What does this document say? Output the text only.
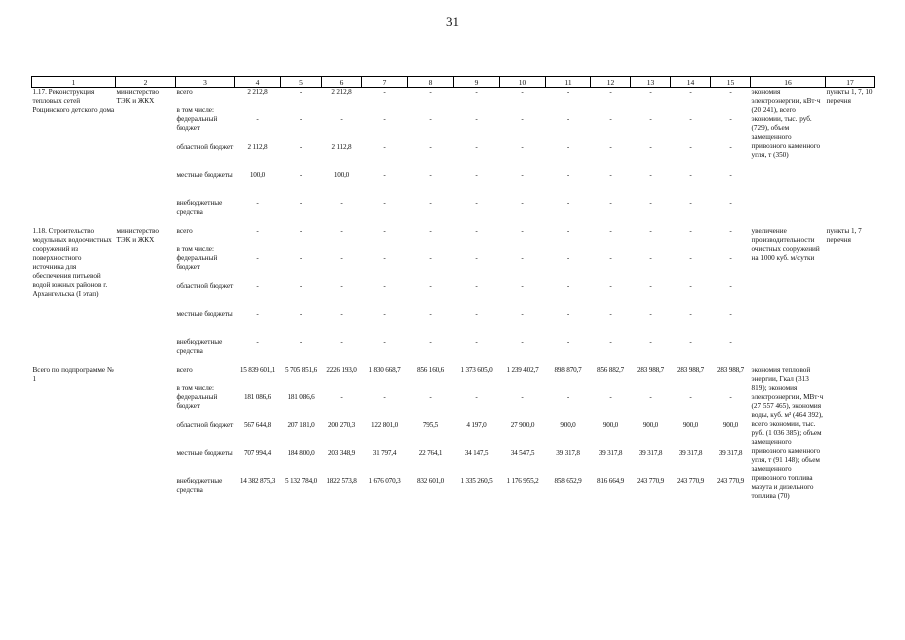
31
1	2	3	4	5	6	7	8	9	10	11	12	13	14	15	16	17
1.17. Реконструкция тепловых сетей Рощинского детского дома	министерство ТЭК и ЖКХ	всего	2 212,8	-	2 212,8	-	-	-	-	-	-	-	-	-	экономия электроэнергии, кВт·ч (20 241), всего экономии, тыс. руб. (729), объем замещенного привозного каменного угля, т (350)	пункты 1, 7, 10 перечня
		в том числе:														
		федеральный бюджет	-	-	-	-	-	-	-	-	-	-	-	-		
		областной бюджет	2 112,8	-	2 112,8	-	-	-	-	-	-	-	-	-		
		местные бюджеты	100,0	-	100,0	-	-	-	-	-	-	-	-	-		
		внебюджетные средства	-	-	-	-	-	-	-	-	-	-	-	-		
1.18. Строительство модульных водоочистных сооружений из поверхностного источника для обеспечения питьевой водой южных районов г. Архангельска (I этап)	министерство ТЭК и ЖКХ	всего	-	-	-	-	-	-	-	-	-	-	-	-	увеличение производительности очистных сооружений на 1000 куб. м/сутки	пункты 1, 7 перечня
		в том числе:														
		федеральный бюджет	-	-	-	-	-	-	-	-	-	-	-	-		
		областной бюджет	-	-	-	-	-	-	-	-	-	-	-	-		
		местные бюджеты	-	-	-	-	-	-	-	-	-	-	-	-		
		внебюджетные средства	-	-	-	-	-	-	-	-	-	-	-	-		
Всего по подпрограмме № 1		всего	15 839 601,1	5 705 851,6	2226 193,0	1 830 668,7	856 160,6	1 373 605,0	1 239 402,7	898 870,7	856 882,7	283 988,7	283 988,7	283 988,7	экономия тепловой энергии, Гкал (313 819); экономия электроэнергии, МВт·ч (27 557 465), экономия воды, куб. м³ (464 392), всего экономии, тыс. руб. (1 036 385); объем замещенного привозного каменного угля, т (91 148); объем замещенного привозного топлива мазута и дизельного топлива (70)	
		в том числе:														
		федеральный бюджет	181 086,6	181 086,6	-	-	-	-	-	-	-	-	-	-		
		областной бюджет	567 644,8	207 181,0	200 270,3	122 801,0	795,5	4 197,0	27 900,0	900,0	900,0	900,0	900,0	900,0		
		местные бюджеты	707 994,4	184 800,0	203 348,9	31 797,4	22 764,1	34 147,5	34 547,5	39 317,8	39 317,8	39 317,8	39 317,8	39 317,8		
		внебюджетные средства	14 382 875,3	5 132 784,0	1822 573,8	1 676 070,3	832 601,0	1 335 260,5	1 176 955,2	858 652,9	816 664,9	243 770,9	243 770,9	243 770,9		
